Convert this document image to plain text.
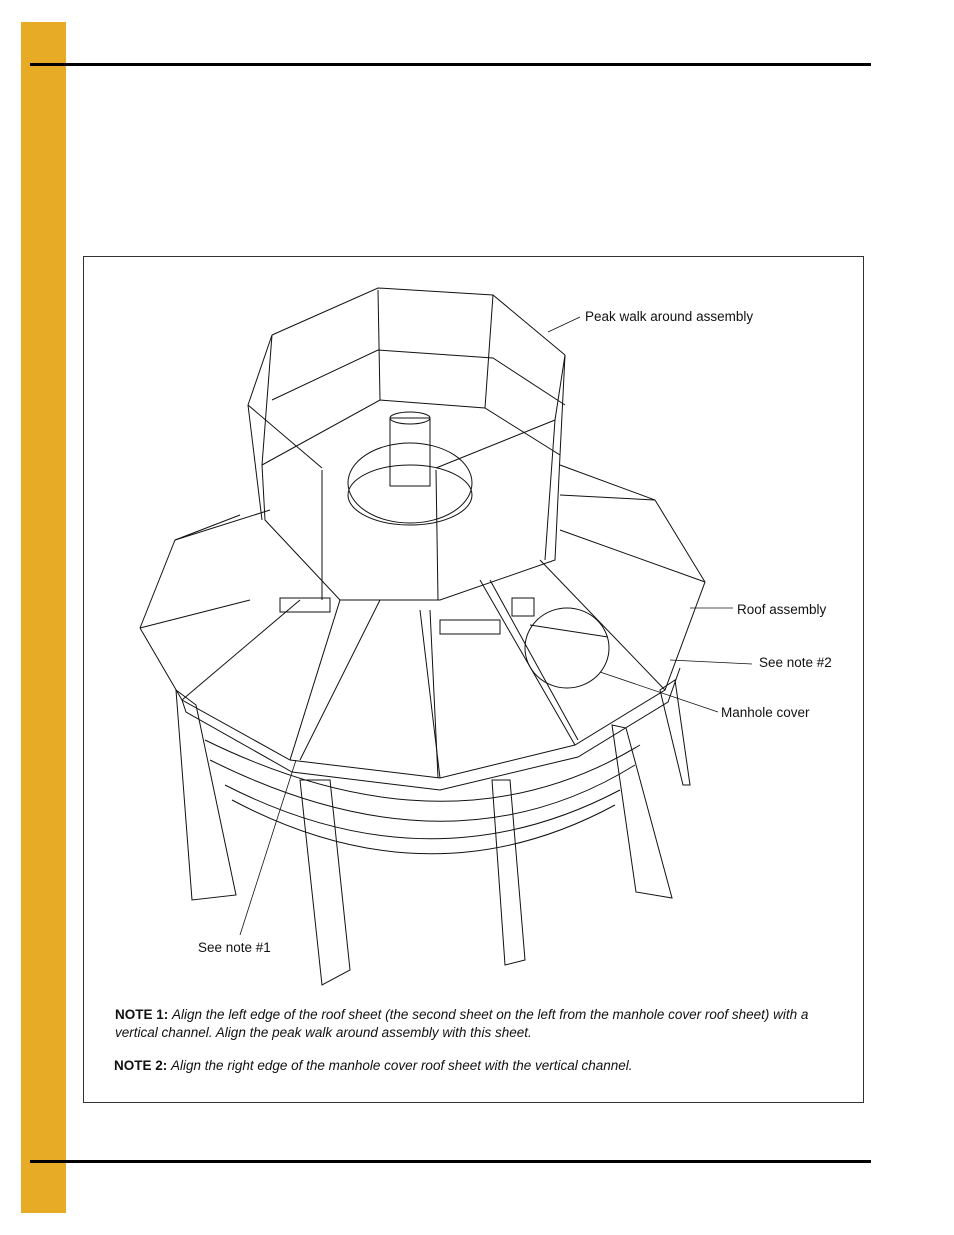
Peak walk around assembly
Roof assembly
See note #2
Manhole cover
See note #1
NOTE 1: Align the left edge of the roof sheet (the second sheet on the left from the manhole cover roof sheet) with a vertical channel. Align the peak walk around assembly with this sheet.
NOTE 2: Align the right edge of the manhole cover roof sheet with the vertical channel.
